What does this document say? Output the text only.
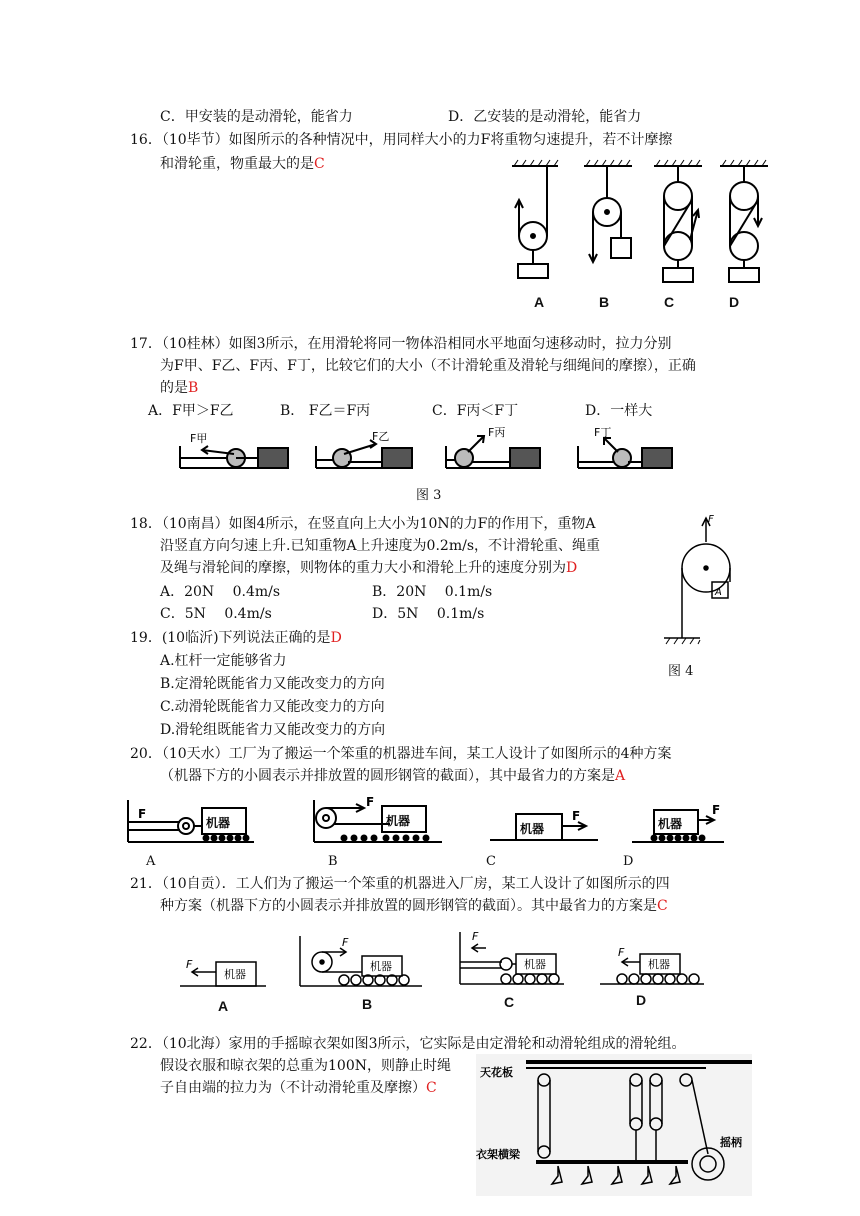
C．甲安装的是动滑轮，能省力	D．乙安装的是动滑轮，能省力
16．（10毕节）如图所示的各种情况中，用同样大小的力F将重物匀速提升，若不计摩擦
和滑轮重，物重最大的是C
A	B	C	D
17．（10桂林）如图3所示，在用滑轮将同一物体沿相同水平地面匀速移动时，拉力分别
为F甲、F乙、F丙、F丁，比较它们的大小（不计滑轮重及滑轮与细绳间的摩擦），正确
的是B
A．F甲＞F乙	B． F乙＝F丙	C．F丙＜F丁	D．一样大
F甲	F乙	F丙	F丁
图 3
18．（10南昌）如图4所示，在竖直向上大小为10N的力F的作用下，重物A
沿竖直方向匀速上升.已知重物A上升速度为0.2m/s，不计滑轮重、绳重
及绳与滑轮间的摩擦，则物体的重力大小和滑轮上升的速度分别为D
A．20N　 0.4m/s	B．20N　 0.1m/s
C．5N　 0.4m/s	D．5N　 0.1m/s
F
A
图 4
19．(10临沂)下列说法正确的是D
A.杠杆一定能够省力
B.定滑轮既能省力又能改变力的方向
C.动滑轮既能省力又能改变力的方向
D.滑轮组既能省力又能改变力的方向
20．（10天水）工厂为了搬运一个笨重的机器进车间，某工人设计了如图所示的4种方案
（机器下方的小圆表示并排放置的圆形钢管的截面），其中最省力的方案是A
F
机器
F
机器
机器
F
机器
F
A	B	C	D
21．（10自贡）．工人们为了搬运一个笨重的机器进入厂房，某工人设计了如图所示的四
种方案（机器下方的小圆表示并排放置的圆形钢管的截面）。其中最省力的方案是C
F
F	F
F
机器
机器	机器	机器
A	B	C	D
22．（10北海）家用的手摇晾衣架如图3所示，它实际是由定滑轮和动滑轮组成的滑轮组。
假设衣服和晾衣架的总重为100N，则静止时绳
子自由端的拉力为（不计动滑轮重及摩擦）C
天花板
摇柄
衣架横梁
